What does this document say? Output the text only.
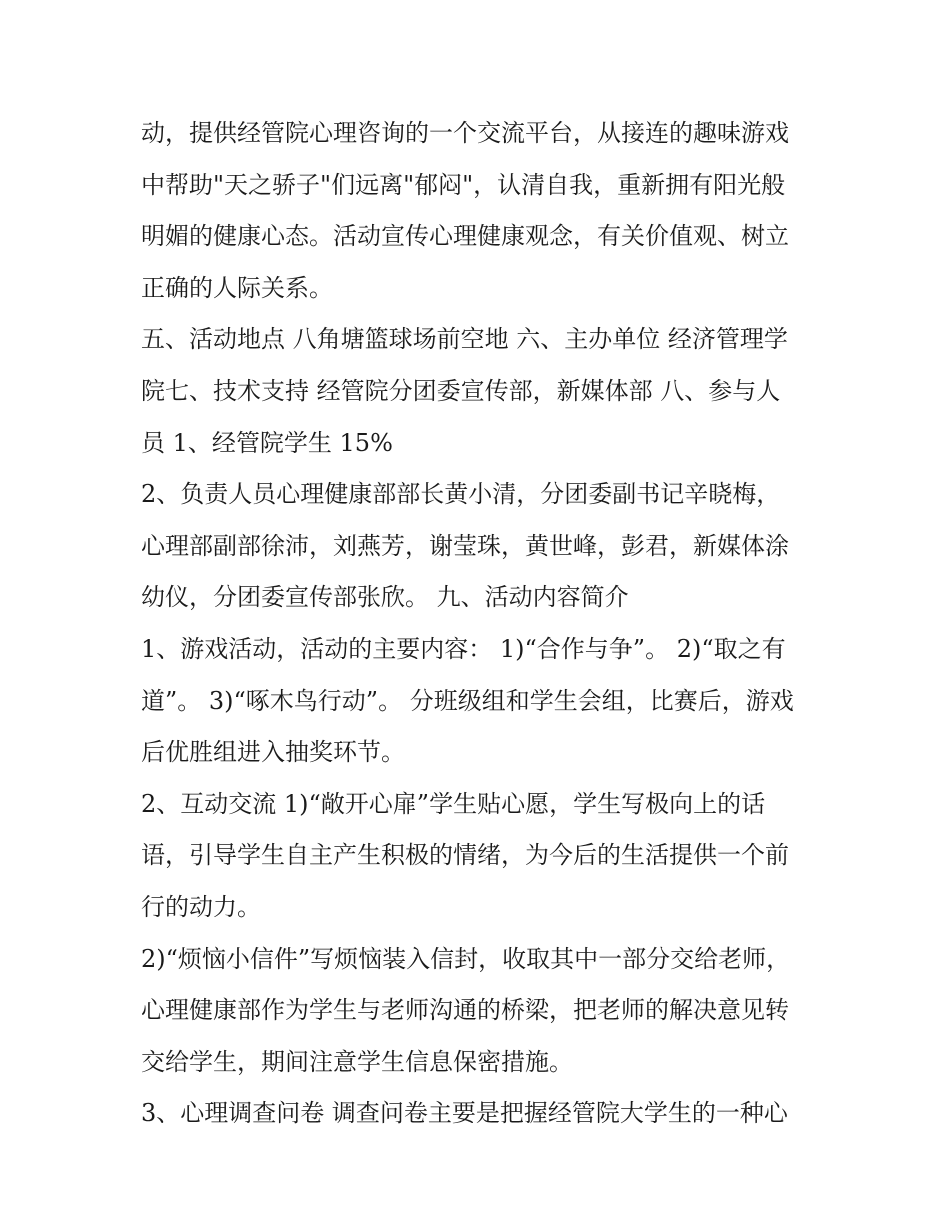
动，提供经管院心理咨询的一个交流平台，从接连的趣味游戏
中帮助"天之骄子"们远离"郁闷"，认清自我，重新拥有阳光般
明媚的健康心态。活动宣传心理健康观念，有关价值观、树立
正确的人际关系。
五、活动地点 八角塘篮球场前空地 六、主办单位 经济管理学
院七、技术支持 经管院分团委宣传部，新媒体部 八、参与人
员 1、经管院学生 15%
2、负责人员心理健康部部长黄小清，分团委副书记辛晓梅，
心理部副部徐沛，刘燕芳，谢莹珠，黄世峰，彭君，新媒体涂
幼仪，分团委宣传部张欣。 九、活动内容简介
1、游戏活动，活动的主要内容： 1)“合作与争”。 2)“取之有
道”。 3)“啄木鸟行动”。 分班级组和学生会组，比赛后，游戏
后优胜组进入抽奖环节。
2、互动交流 1)“敞开心扉”学生贴心愿，学生写极向上的话
语，引导学生自主产生积极的情绪，为今后的生活提供一个前
行的动力。
2)“烦恼小信件”写烦恼装入信封，收取其中一部分交给老师，
心理健康部作为学生与老师沟通的桥梁，把老师的解决意见转
交给学生，期间注意学生信息保密措施。
3、心理调查问卷 调查问卷主要是把握经管院大学生的一种心
